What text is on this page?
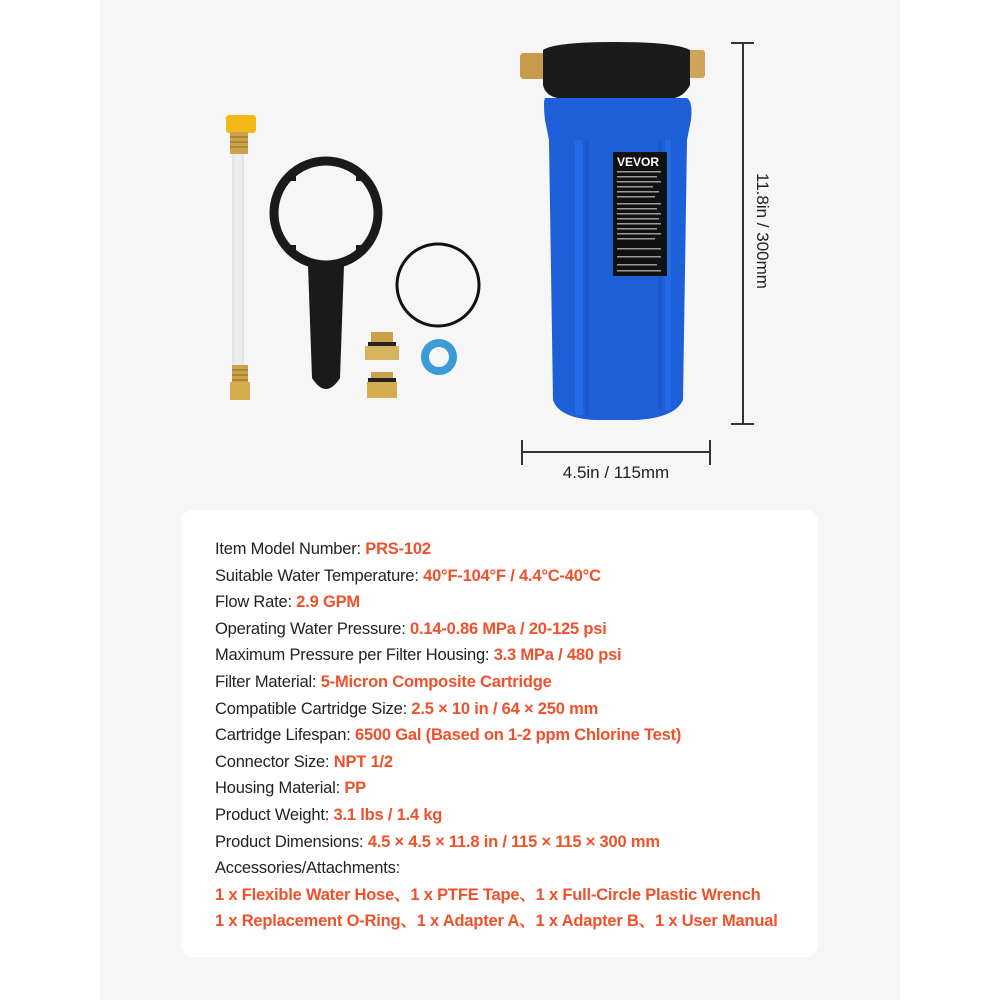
VEVOR
11.8in / 300mm
4.5in / 115mm
Item Model Number: PRS-102
Suitable Water Temperature: 40°F-104°F / 4.4°C-40°C
Flow Rate: 2.9 GPM
Operating Water Pressure: 0.14-0.86 MPa / 20-125 psi
Maximum Pressure per Filter Housing: 3.3 MPa / 480 psi
Filter Material: 5-Micron Composite Cartridge
Compatible Cartridge Size: 2.5 × 10 in / 64 × 250 mm
Cartridge Lifespan: 6500 Gal (Based on 1-2 ppm Chlorine Test)
Connector Size: NPT 1/2
Housing Material: PP
Product Weight: 3.1 lbs / 1.4 kg
Product Dimensions: 4.5 × 4.5 × 11.8 in / 115 × 115 × 300 mm
Accessories/Attachments:
1 x Flexible Water Hose、1 x PTFE Tape、1 x Full-Circle Plastic Wrench
1 x Replacement O-Ring、1 x Adapter A、1 x Adapter B、1 x User Manual
